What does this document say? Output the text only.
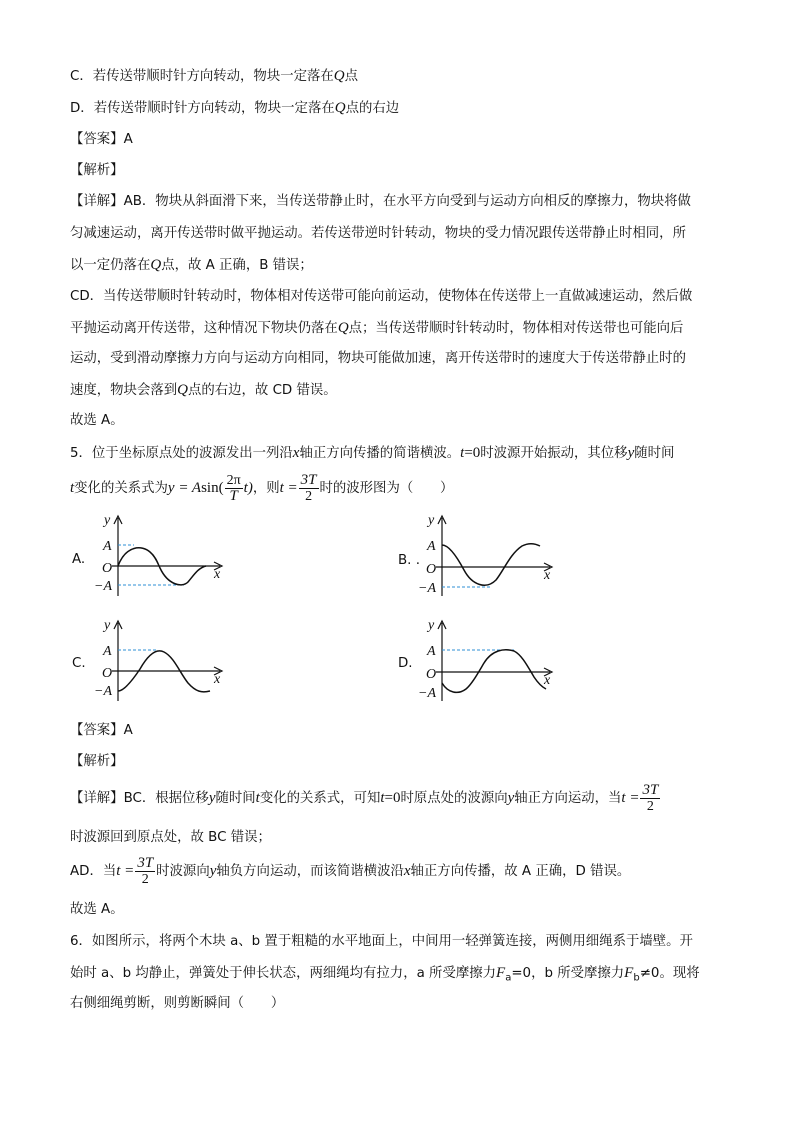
C．若传送带顺时针方向转动，物块一定落在Q点
D．若传送带顺时针方向转动，物块一定落在Q点的右边
【答案】A
【解析】
【详解】AB．物块从斜面滑下来，当传送带静止时，在水平方向受到与运动方向相反的摩擦力，物块将做
匀减速运动，离开传送带时做平抛运动。若传送带逆时针转动，物块的受力情况跟传送带静止时相同，所
以一定仍落在Q点，故 A 正确，B 错误；
CD．当传送带顺时针转动时，物体相对传送带可能向前运动，使物体在传送带上一直做减速运动，然后做
平抛运动离开传送带，这种情况下物块仍落在Q点；当传送带顺时针转动时，物体相对传送带也可能向后
运动，受到滑动摩擦力方向与运动方向相同，物块可能做加速，离开传送带时的速度大于传送带静止时的
速度，物块会落到Q点的右边，故 CD 错误。
故选 A。
5．位于坐标原点处的波源发出一列沿x轴正方向传播的简谐横波。t=0时波源开始振动，其位移y随时间
t变化的关系式为$y = Asin( \frac{2\pi}{T} t)$，则$t = \frac{3T}{2}$ 时的波形图为（　　）
A.	B. .
C.	D.
y
A
O
−A
x
y
A
O
−A
x
y
A
O
−A
x
y
A
O
−A
x
【答案】A
【解析】
【详解】BC．根据位移y随时间t变化的关系式，可知t=0时原点处的波源向y轴正方向运动，当$t = \frac{3T}{2}$
时波源回到原点处，故 BC 错误；
AD．当$t = \frac{3T}{2}$ 时波源向y轴负方向运动，而该简谐横波沿x轴正方向传播，故 A 正确，D 错误。
故选 A。
6．如图所示，将两个木块 a、b 置于粗糙的水平地面上，中间用一轻弹簧连接，两侧用细绳系于墙壁。开
始时 a、b 均静止，弹簧处于伸长状态，两细绳均有拉力，a 所受摩擦力$F_a=0$，b 所受摩擦力$F_b\ne 0$。现将
右侧细绳剪断，则剪断瞬间（　　）
